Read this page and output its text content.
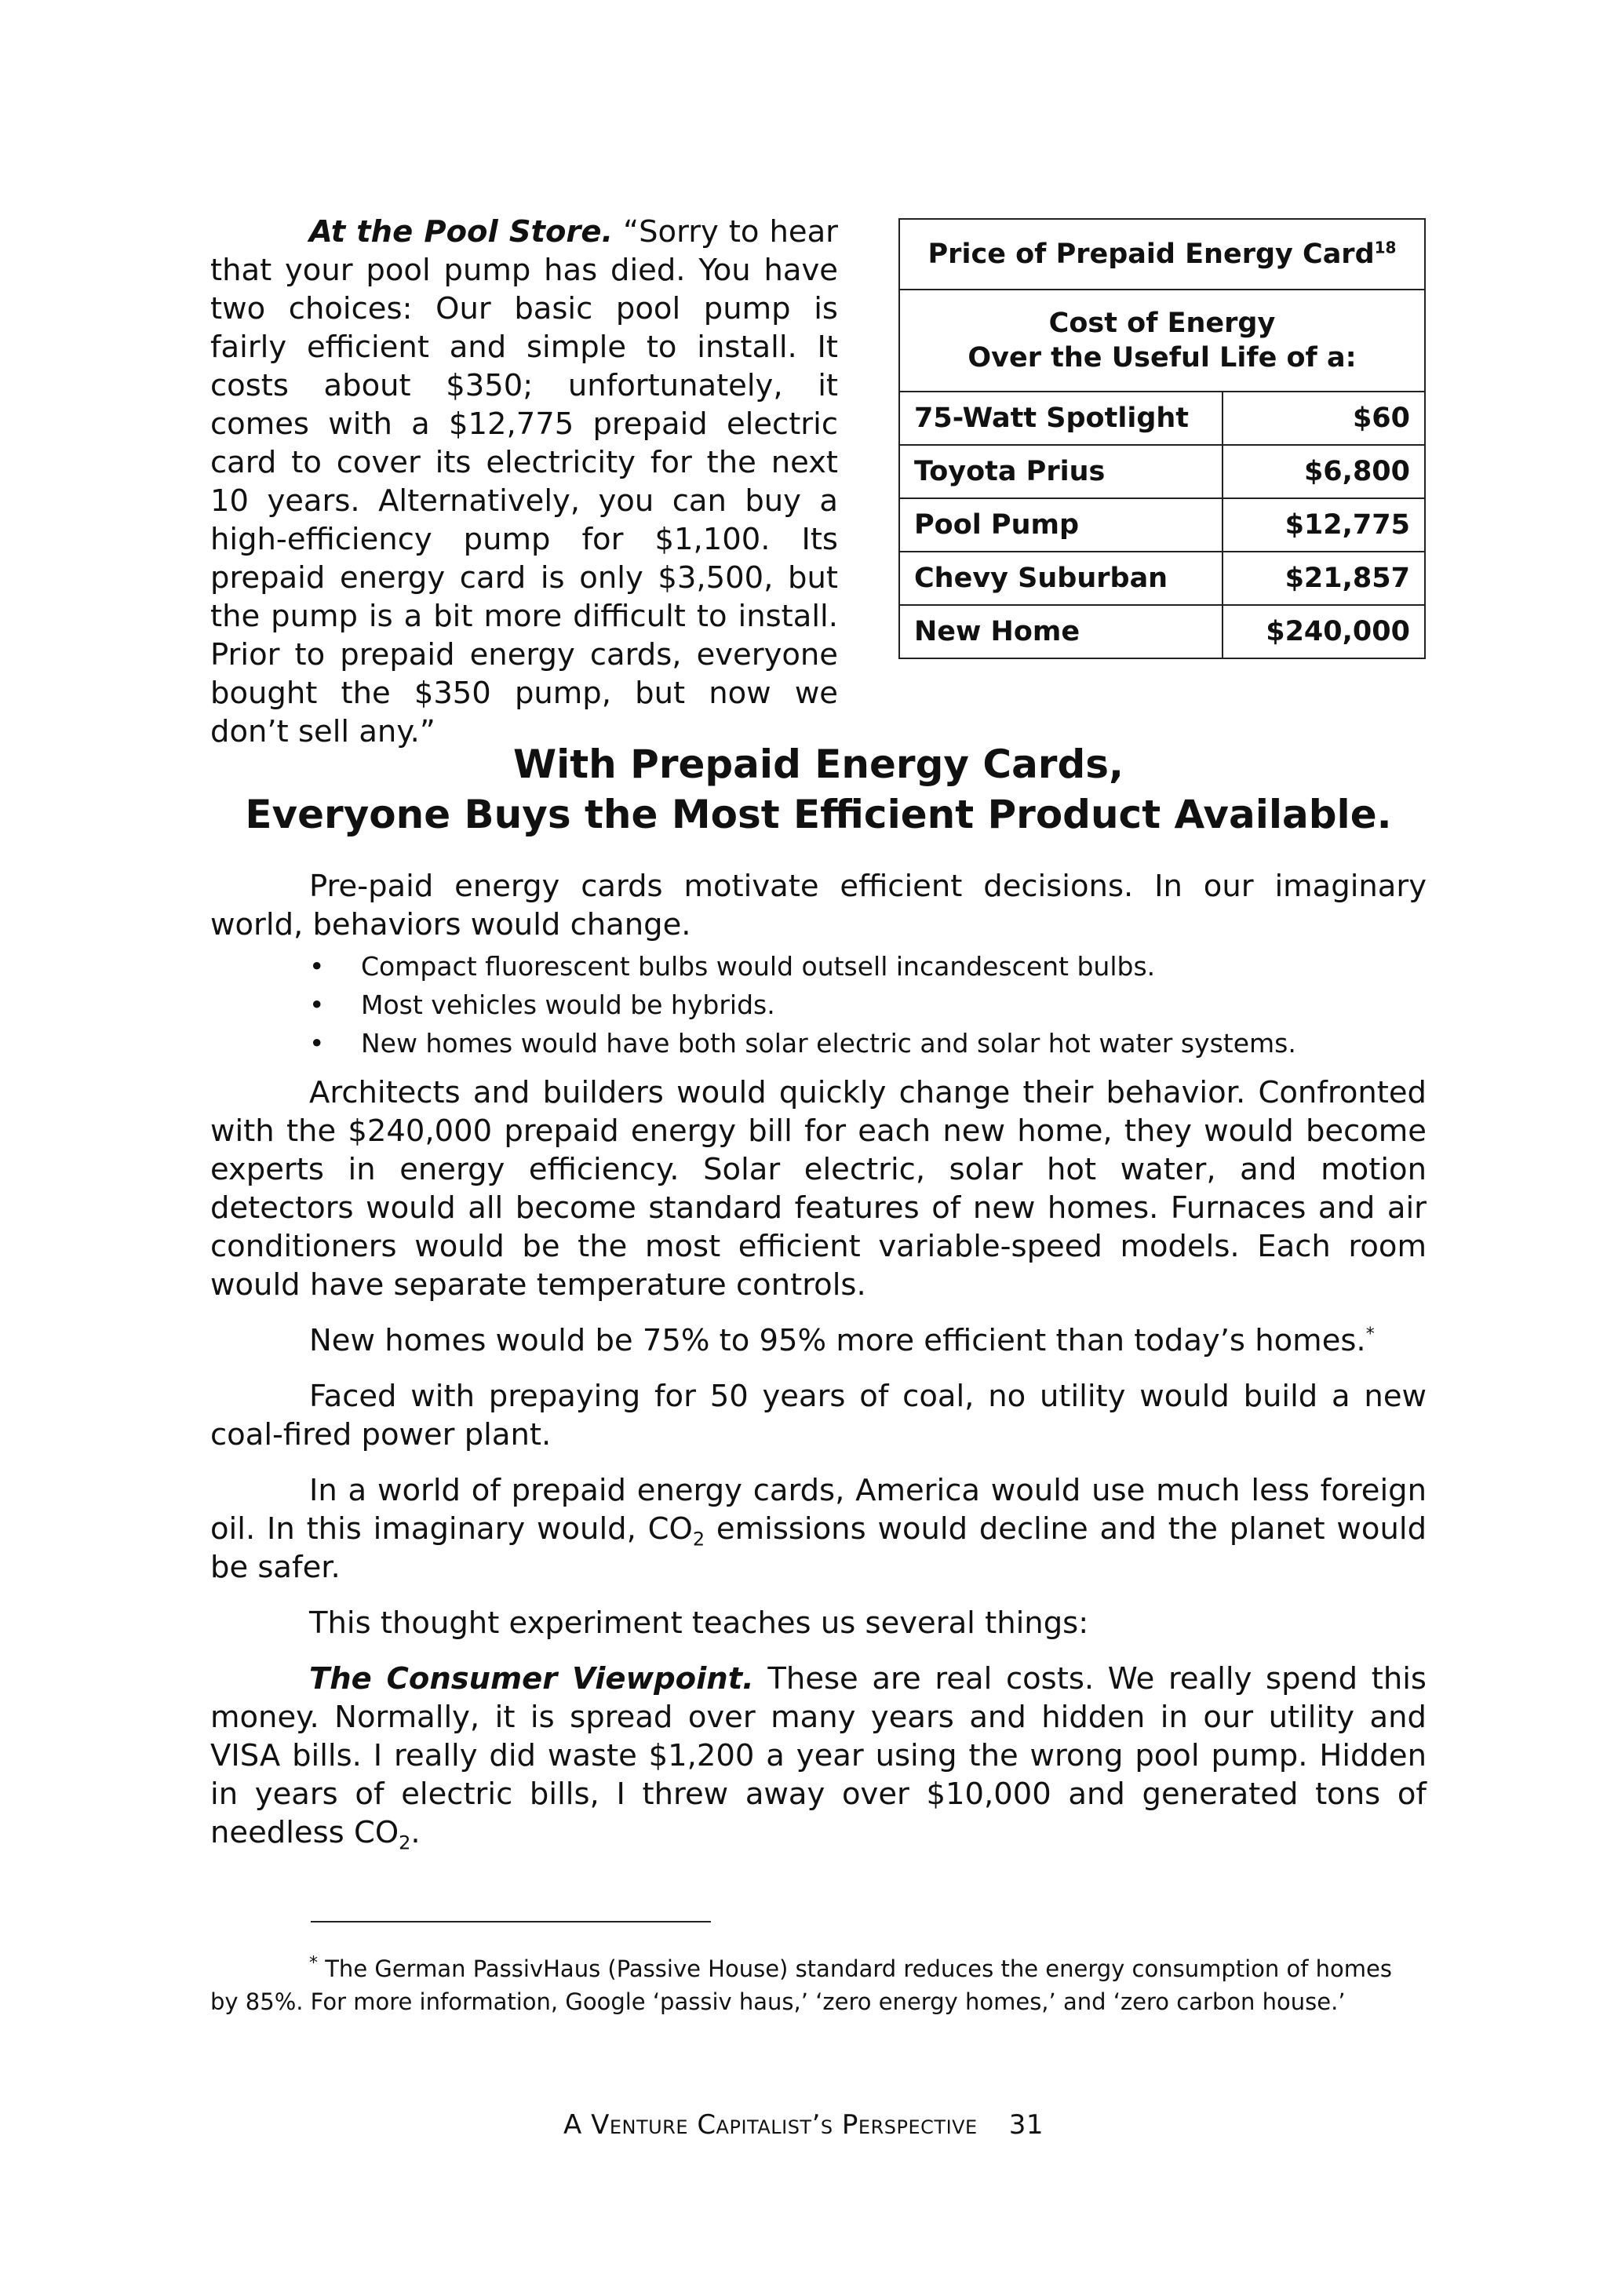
At the Pool Store. “Sorry to hear that your pool pump has died. You have two choices: Our basic pool pump is fairly efficient and simple to install. It costs about $350; unfortunately, it comes with a $12,775 prepaid electric card to cover its electricity for the next 10 years. Alternatively, you can buy a high-efficiency pump for $1,100. Its prepaid energy card is only $3,500, but the pump is a bit more difficult to install. Prior to prepaid energy cards, everyone bought the $350 pump, but now we don’t sell any.”

Price of Prepaid Energy Card$^{18}$
Cost of Energy
Over the Useful Life of a:	
75-Watt Spotlight	$60
Toyota Prius	$6,800
Pool Pump	$12,775
Chevy Suburban	$21,857
New Home	$240,000
With Prepaid Energy Cards,
Everyone Buys the Most Efficient Product Available.

Pre-paid energy cards motivate efficient decisions. In our imaginary world, behaviors would change.

• Compact fluorescent bulbs would outsell incandescent bulbs.
• Most vehicles would be hybrids.
• New homes would have both solar electric and solar hot water systems.

Architects and builders would quickly change their behavior. Confronted with the $240,000 prepaid energy bill for each new home, they would become experts in energy efficiency. Solar electric, solar hot water, and motion detectors would all become standard features of new homes. Furnaces and air conditioners would be the most efficient variable-speed models. Each room would have separate temperature controls.

New homes would be 75% to 95% more efficient than today’s homes.*

Faced with prepaying for 50 years of coal, no utility would build a new coal-fired power plant.

In a world of prepaid energy cards, America would use much less foreign oil. In this imaginary would, $CO_2$ emissions would decline and the planet would be safer.

This thought experiment teaches us several things:

The Consumer Viewpoint. These are real costs. We really spend this money. Normally, it is spread over many years and hidden in our utility and VISA bills. I really did waste $1,200 a year using the wrong pool pump. Hidden in years of electric bills, I threw away over $10,000 and generated tons of needless $CO_2$.

* The German PassivHaus (Passive House) standard reduces the energy consumption of homes by 85%. For more information, Google ‘passiv haus,’ ‘zero energy homes,’ and ‘zero carbon house.’

A Venture Capitalist’s Perspective 31
